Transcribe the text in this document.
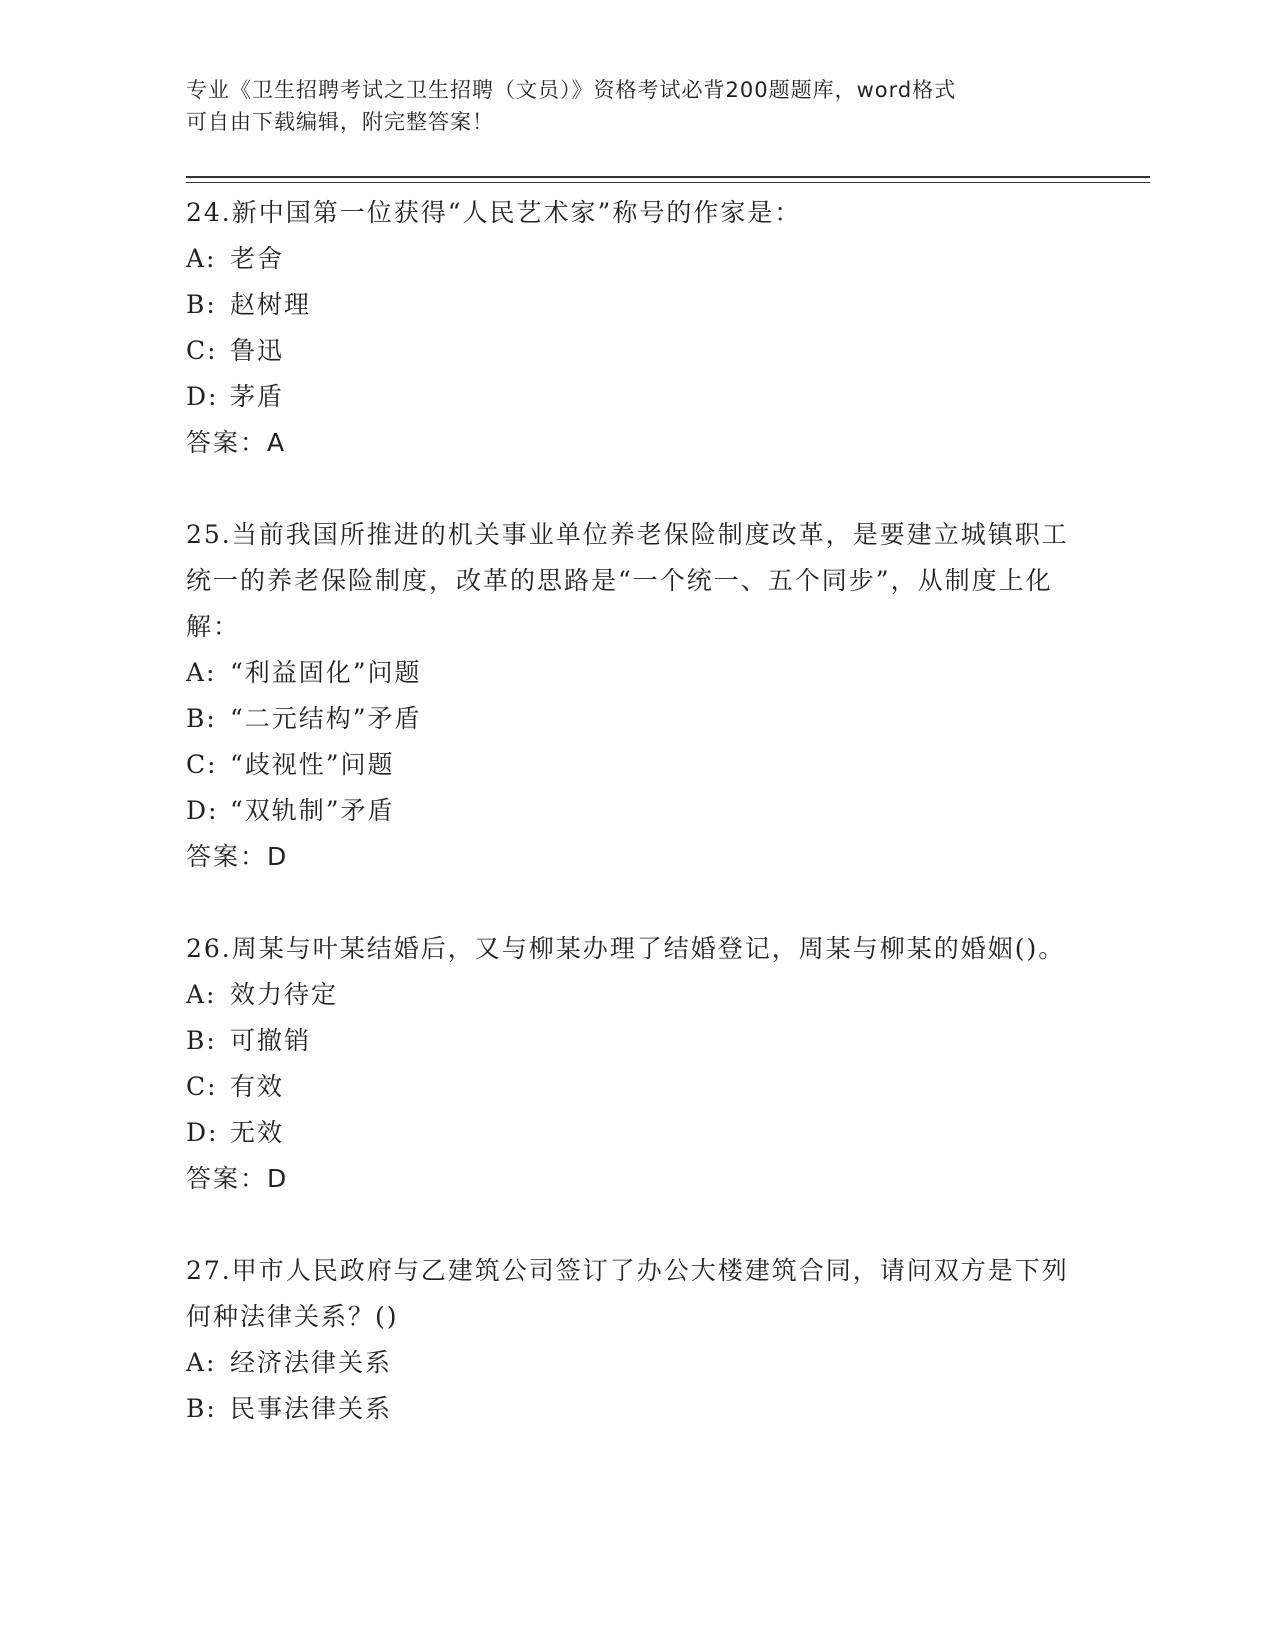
专业《卫生招聘考试之卫生招聘（文员）》资格考试必背200题题库，word格式
可自由下载编辑，附完整答案！
24.新中国第一位获得“人民艺术家”称号的作家是：
A: 老舍
B: 赵树理
C: 鲁迅
D: 茅盾
答案：A
25.当前我国所推进的机关事业单位养老保险制度改革，是要建立城镇职工统一的养老保险制度，改革的思路是“一个统一、五个同步”，从制度上化解：
A: “利益固化”问题
B: “二元结构”矛盾
C: “歧视性”问题
D: “双轨制”矛盾
答案：D
26.周某与叶某结婚后，又与柳某办理了结婚登记，周某与柳某的婚姻()。
A: 效力待定
B: 可撤销
C: 有效
D: 无效
答案：D
27.甲市人民政府与乙建筑公司签订了办公大楼建筑合同，请问双方是下列何种法律关系？()
A: 经济法律关系
B: 民事法律关系
